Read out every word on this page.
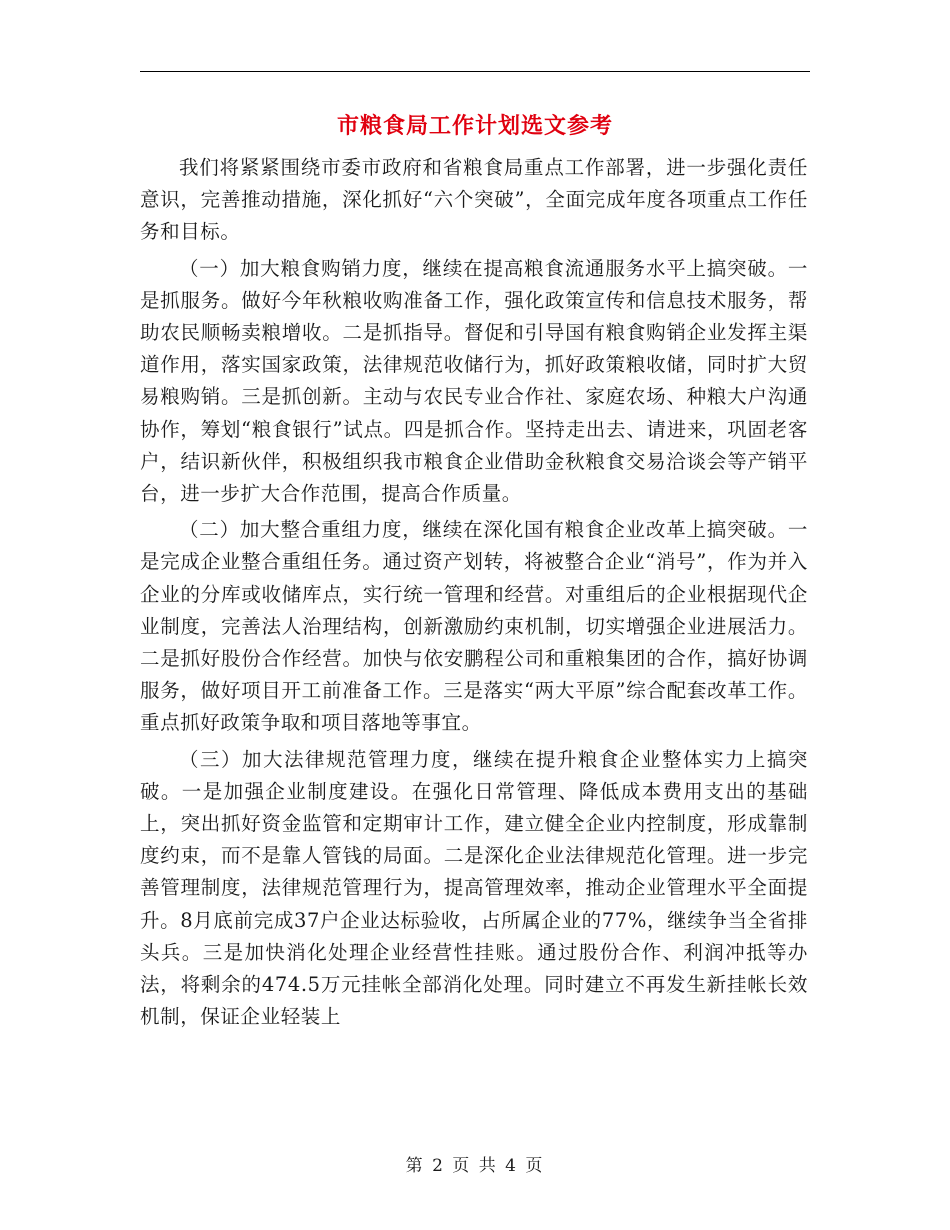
市粮食局工作计划选文参考

我们将紧紧围绕市委市政府和省粮食局重点工作部署，进一步强化责任意识，完善推动措施，深化抓好“六个突破”，全面完成年度各项重点工作任务和目标。

（一）加大粮食购销力度，继续在提高粮食流通服务水平上搞突破。一是抓服务。做好今年秋粮收购准备工作，强化政策宣传和信息技术服务，帮助农民顺畅卖粮增收。二是抓指导。督促和引导国有粮食购销企业发挥主渠道作用，落实国家政策，法律规范收储行为，抓好政策粮收储，同时扩大贸易粮购销。三是抓创新。主动与农民专业合作社、家庭农场、种粮大户沟通协作，筹划“粮食银行”试点。四是抓合作。坚持走出去、请进来，巩固老客户，结识新伙伴，积极组织我市粮食企业借助金秋粮食交易洽谈会等产销平台，进一步扩大合作范围，提高合作质量。

（二）加大整合重组力度，继续在深化国有粮食企业改革上搞突破。一是完成企业整合重组任务。通过资产划转，将被整合企业“消号”，作为并入企业的分库或收储库点，实行统一管理和经营。对重组后的企业根据现代企业制度，完善法人治理结构，创新激励约束机制，切实增强企业进展活力。二是抓好股份合作经营。加快与依安鹏程公司和重粮集团的合作，搞好协调服务，做好项目开工前准备工作。三是落实“两大平原”综合配套改革工作。重点抓好政策争取和项目落地等事宜。

（三）加大法律规范管理力度，继续在提升粮食企业整体实力上搞突破。一是加强企业制度建设。在强化日常管理、降低成本费用支出的基础上，突出抓好资金监管和定期审计工作，建立健全企业内控制度，形成靠制度约束，而不是靠人管钱的局面。二是深化企业法律规范化管理。进一步完善管理制度，法律规范管理行为，提高管理效率，推动企业管理水平全面提升。8月底前完成37户企业达标验收，占所属企业的77%，继续争当全省排头兵。三是加快消化处理企业经营性挂账。通过股份合作、利润冲抵等办法，将剩余的474.5万元挂帐全部消化处理。同时建立不再发生新挂帐长效机制，保证企业轻装上

第 2 页 共 4 页
